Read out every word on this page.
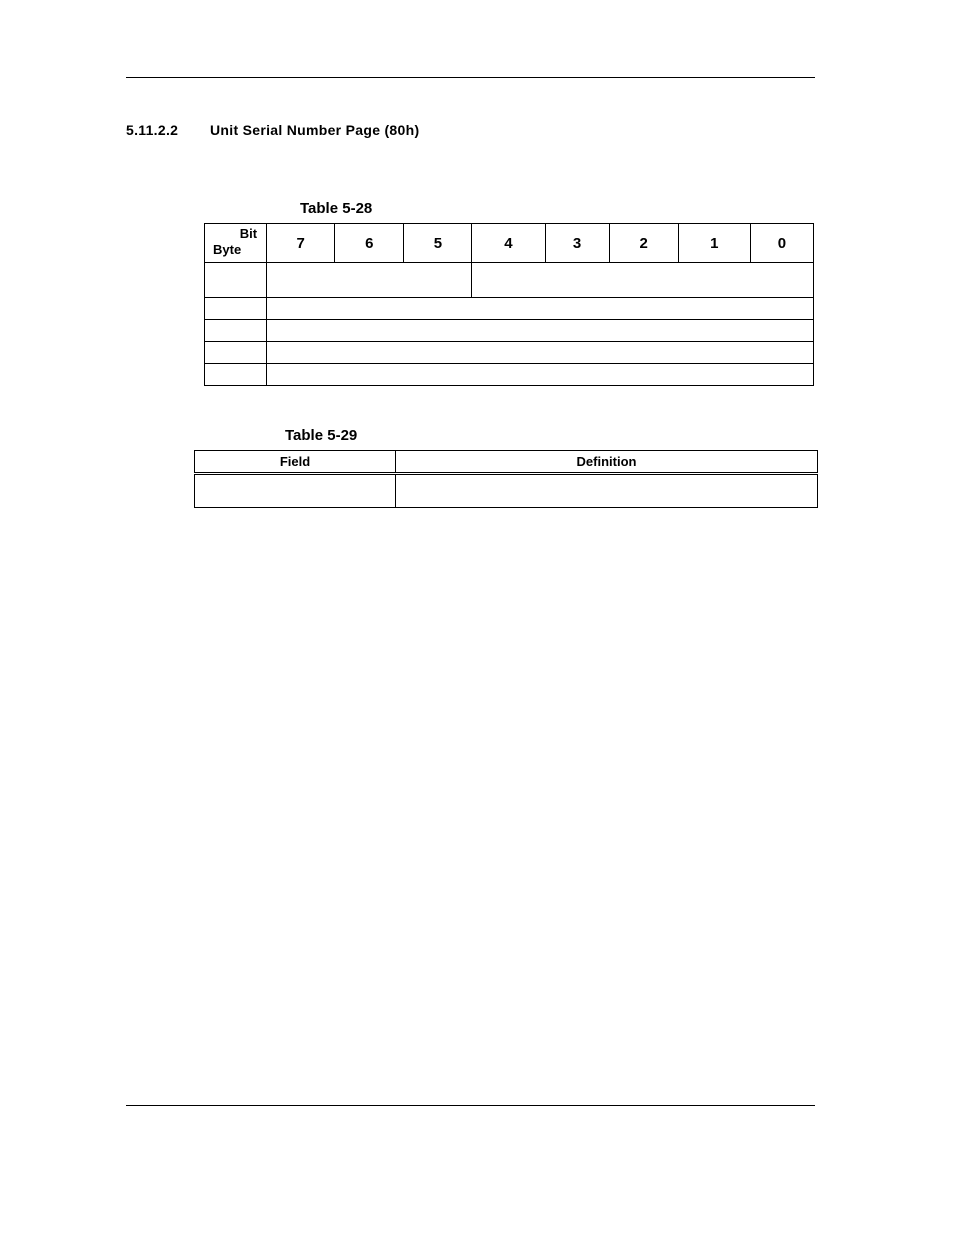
5.11.2.2 Unit Serial Number Page (80h)
Table 5-28
Bit
Byte	7	6	5	4	3	2	1	0

Table 5-29
Field	Definition
